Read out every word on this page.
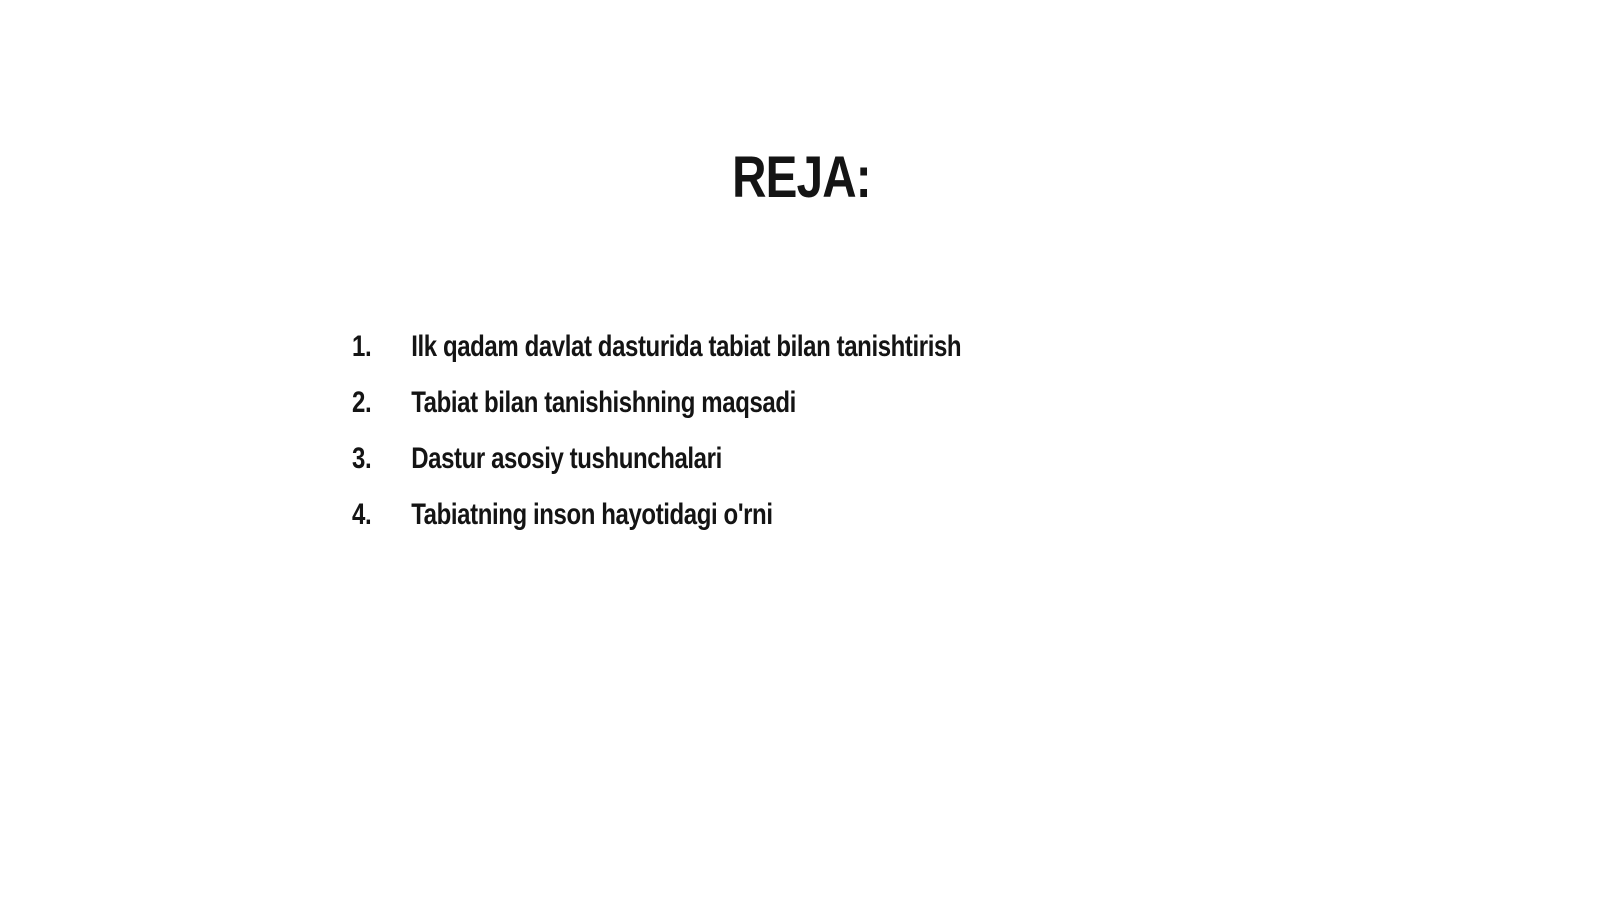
REJA:
1.	Ilk qadam davlat dasturida tabiat bilan tanishtirish
2.	Tabiat bilan tanishishning maqsadi
3.	Dastur asosiy tushunchalari
4.	Tabiatning inson hayotidagi o'rni
